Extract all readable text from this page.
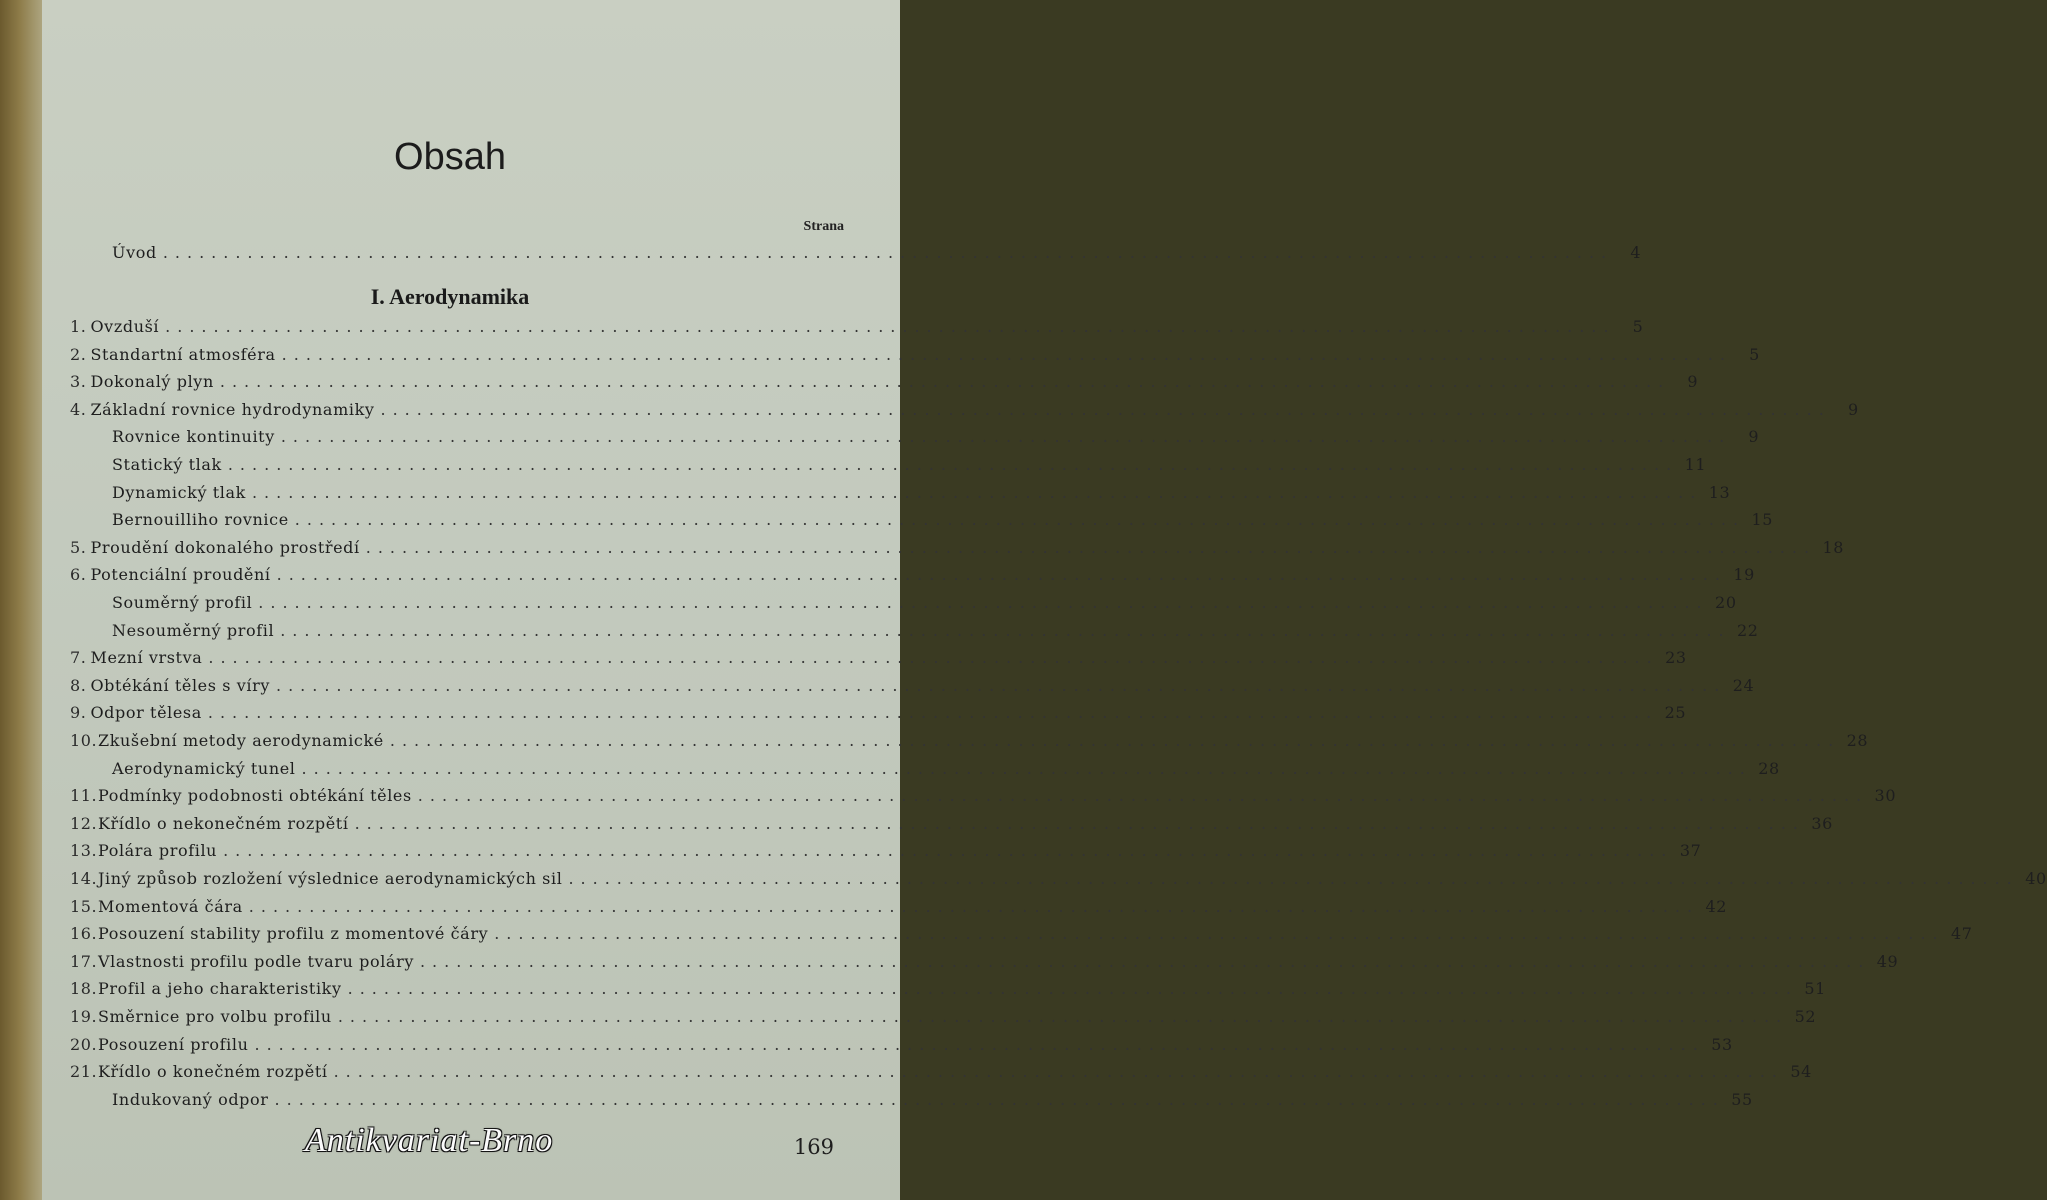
Obsah
Strana
Úvod ........................................................................................................................	4
I. Aerodynamika
1. Ovzduší ........................................................................................................................	5
2. Standartní atmosféra ........................................................................................................................	5
3. Dokonalý plyn ........................................................................................................................	9
4. Základní rovnice hydrodynamiky ........................................................................................................................	9
Rovnice kontinuity ........................................................................................................................	9
Statický tlak ........................................................................................................................ 11
Dynamický tlak ........................................................................................................................ 13
Bernouilliho rovnice ........................................................................................................................ 15
5. Proudění dokonalého prostředí ........................................................................................................................ 18
6. Potenciální proudění ........................................................................................................................ 19
Souměrný profil ........................................................................................................................ 20
Nesouměrný profil ........................................................................................................................ 22
7. Mezní vrstva ........................................................................................................................ 23
8. Obtékání těles s víry ........................................................................................................................ 24
9. Odpor tělesa ........................................................................................................................ 25
10. Zkušební metody aerodynamické ........................................................................................................................ 28
Aerodynamický tunel ........................................................................................................................ 28
11. Podmínky podobnosti obtékání těles ........................................................................................................................ 30
12. Křídlo o nekonečném rozpětí ........................................................................................................................ 36
13. Polára profilu ........................................................................................................................ 37
14. Jiný způsob rozložení výslednice aerodynamických sil ........................................................................................................................ 40
15. Momentová čára ........................................................................................................................ 42
16. Posouzení stability profilu z momentové čáry ........................................................................................................................ 47
17. Vlastnosti profilu podle tvaru poláry ........................................................................................................................ 49
18. Profil a jeho charakteristiky ........................................................................................................................ 51
19. Směrnice pro volbu profilu ........................................................................................................................ 52
20. Posouzení profilu ........................................................................................................................ 53
21. Křídlo o konečném rozpětí ........................................................................................................................ 54
Indukovaný odpor ........................................................................................................................ 55
Antikvariat-Brno	169
